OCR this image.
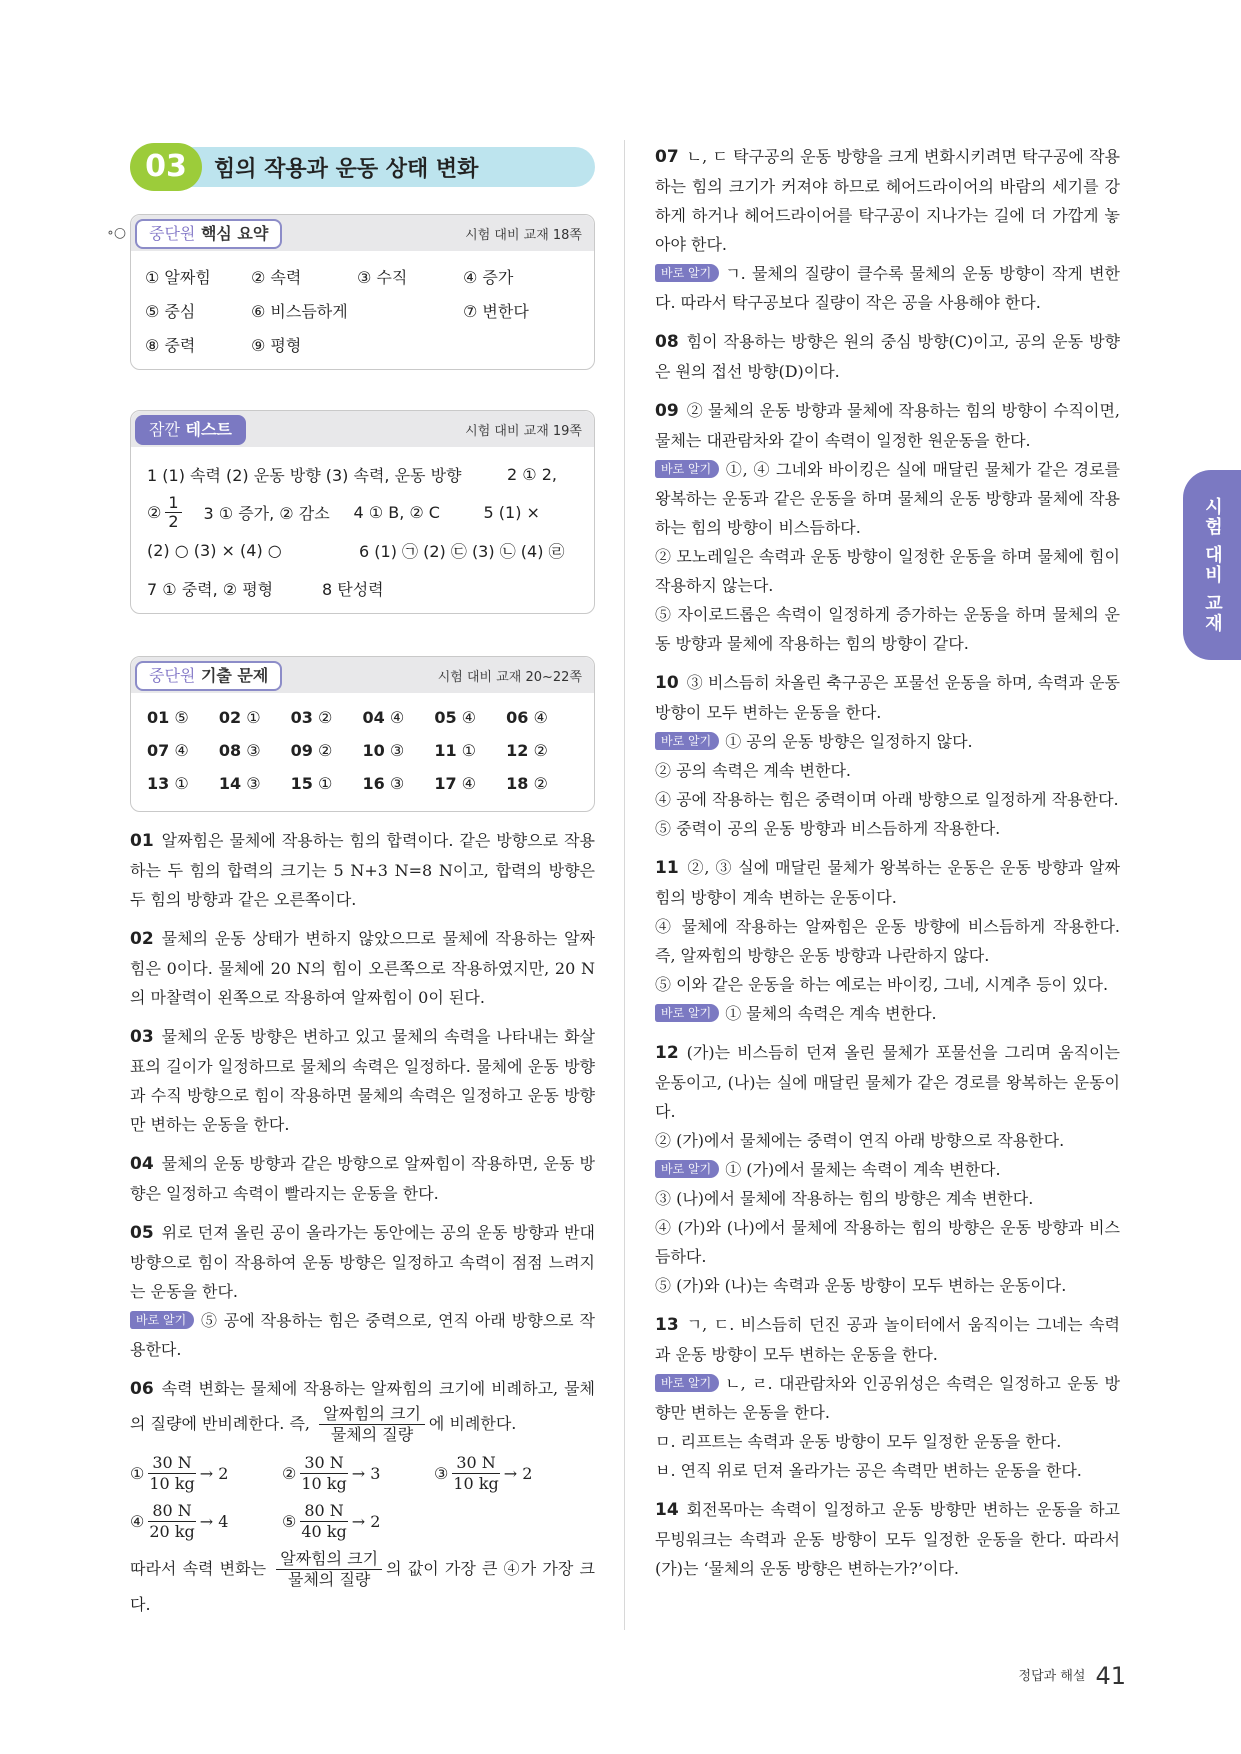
03	힘의 작용과 운동 상태 변화
∘○	중단원 핵심 요약	시험 대비 교재 18쪽
① 알짜힘	② 속력	③ 수직	④ 증가
⑤ 중심	⑥ 비스듬하게	⑦ 변한다
⑧ 중력	⑨ 평형
잠깐 테스트	시험 대비 교재 19쪽
1 (1) 속력 (2) 운동 방향 (3) 속력, 운동 방향	2 ① 2,
② $\frac{1}{2} 3$ ① 증가, ② 감소	4 ① B, ② C	5 (1) ×
(2) ○ (3) × (4) ○	6 (1) ㉠ (2) ㉢ (3) ㉡ (4) ㉣
7 ① 중력, ② 평형	8 탄성력
중단원 기출 문제	시험 대비 교재 20~22쪽
01 ⑤	02 ①	03 ②	04 ④	05 ④	06 ④
07 ④	08 ③	09 ②	10 ③	11 ①	12 ②
13 ①	14 ③	15 ①	16 ③	17 ④	18 ②

01 알짜힘은 물체에 작용하는 힘의 합력이다. 같은 방향으로 작용하는 두 힘의 합력의 크기는 5 N+3 N=8 N이고, 합력의 방향은 두 힘의 방향과 같은 오른쪽이다.

02 물체의 운동 상태가 변하지 않았으므로 물체에 작용하는 알짜힘은 0이다. 물체에 20 N의 힘이 오른쪽으로 작용하였지만, 20 N의 마찰력이 왼쪽으로 작용하여 알짜힘이 0이 된다.

03 물체의 운동 방향은 변하고 있고 물체의 속력을 나타내는 화살표의 길이가 일정하므로 물체의 속력은 일정하다. 물체에 운동 방향과 수직 방향으로 힘이 작용하면 물체의 속력은 일정하고 운동 방향만 변하는 운동을 한다.

04 물체의 운동 방향과 같은 방향으로 알짜힘이 작용하면, 운동 방향은 일정하고 속력이 빨라지는 운동을 한다.

05 위로 던져 올린 공이 올라가는 동안에는 공의 운동 방향과 반대 방향으로 힘이 작용하여 운동 방향은 일정하고 속력이 점점 느려지는 운동을 한다.

바로 알기 ⑤ 공에 작용하는 힘은 중력으로, 연직 아래 방향으로 작용한다.

06 속력 변화는 물체에 작용하는 알짜힘의 크기에 비례하고, 물체의 질량에 반비례한다. 즉,
알짜힘의 크기
물체의 질량
에 비례한다.

①
30 N
10 kg
→ 2	②
30 N
10 kg
→ 3	③
30 N
10 kg
→ 2
④
80 N
20 kg
→ 4	⑤
80 N
40 kg
→ 2

따라서 속력 변화는
알짜힘의 크기
물체의 질량
의 값이 가장 큰 ④가 가장 크다.

07 ㄴ, ㄷ 탁구공의 운동 방향을 크게 변화시키려면 탁구공에 작용하는 힘의 크기가 커져야 하므로 헤어드라이어의 바람의 세기를 강하게 하거나 헤어드라이어를 탁구공이 지나가는 길에 더 가깝게 놓아야 한다.

바로 알기 ㄱ. 물체의 질량이 클수록 물체의 운동 방향이 작게 변한다. 따라서 탁구공보다 질량이 작은 공을 사용해야 한다.

08 힘이 작용하는 방향은 원의 중심 방향(C)이고, 공의 운동 방향은 원의 접선 방향(D)이다.

09 ② 물체의 운동 방향과 물체에 작용하는 힘의 방향이 수직이면, 물체는 대관람차와 같이 속력이 일정한 원운동을 한다.

바로 알기 ①, ④ 그네와 바이킹은 실에 매달린 물체가 같은 경로를 왕복하는 운동과 같은 운동을 하며 물체의 운동 방향과 물체에 작용하는 힘의 방향이 비스듬하다.

② 모노레일은 속력과 운동 방향이 일정한 운동을 하며 물체에 힘이 작용하지 않는다.

⑤ 자이로드롭은 속력이 일정하게 증가하는 운동을 하며 물체의 운동 방향과 물체에 작용하는 힘의 방향이 같다.

10 ③ 비스듬히 차올린 축구공은 포물선 운동을 하며, 속력과 운동 방향이 모두 변하는 운동을 한다.

바로 알기 ① 공의 운동 방향은 일정하지 않다.

② 공의 속력은 계속 변한다.

④ 공에 작용하는 힘은 중력이며 아래 방향으로 일정하게 작용한다.

⑤ 중력이 공의 운동 방향과 비스듬하게 작용한다.

11 ②, ③ 실에 매달린 물체가 왕복하는 운동은 운동 방향과 알짜힘의 방향이 계속 변하는 운동이다.

④ 물체에 작용하는 알짜힘은 운동 방향에 비스듬하게 작용한다. 즉, 알짜힘의 방향은 운동 방향과 나란하지 않다.

⑤ 이와 같은 운동을 하는 예로는 바이킹, 그네, 시계추 등이 있다.

바로 알기 ① 물체의 속력은 계속 변한다.

12 (가)는 비스듬히 던져 올린 물체가 포물선을 그리며 움직이는 운동이고, (나)는 실에 매달린 물체가 같은 경로를 왕복하는 운동이다.

② (가)에서 물체에는 중력이 연직 아래 방향으로 작용한다.

바로 알기 ① (가)에서 물체는 속력이 계속 변한다.

③ (나)에서 물체에 작용하는 힘의 방향은 계속 변한다.

④ (가)와 (나)에서 물체에 작용하는 힘의 방향은 운동 방향과 비스듬하다.

⑤ (가)와 (나)는 속력과 운동 방향이 모두 변하는 운동이다.

13 ㄱ, ㄷ. 비스듬히 던진 공과 놀이터에서 움직이는 그네는 속력과 운동 방향이 모두 변하는 운동을 한다.

바로 알기 ㄴ, ㄹ. 대관람차와 인공위성은 속력은 일정하고 운동 방향만 변하는 운동을 한다.

ㅁ. 리프트는 속력과 운동 방향이 모두 일정한 운동을 한다.

ㅂ. 연직 위로 던져 올라가는 공은 속력만 변하는 운동을 한다.

14 회전목마는 속력이 일정하고 운동 방향만 변하는 운동을 하고 무빙워크는 속력과 운동 방향이 모두 일정한 운동을 한다. 따라서 (가)는 ‘물체의 운동 방향은 변하는가?’이다.

시험 대비 교재
$^{정답과 해설}$ 41
